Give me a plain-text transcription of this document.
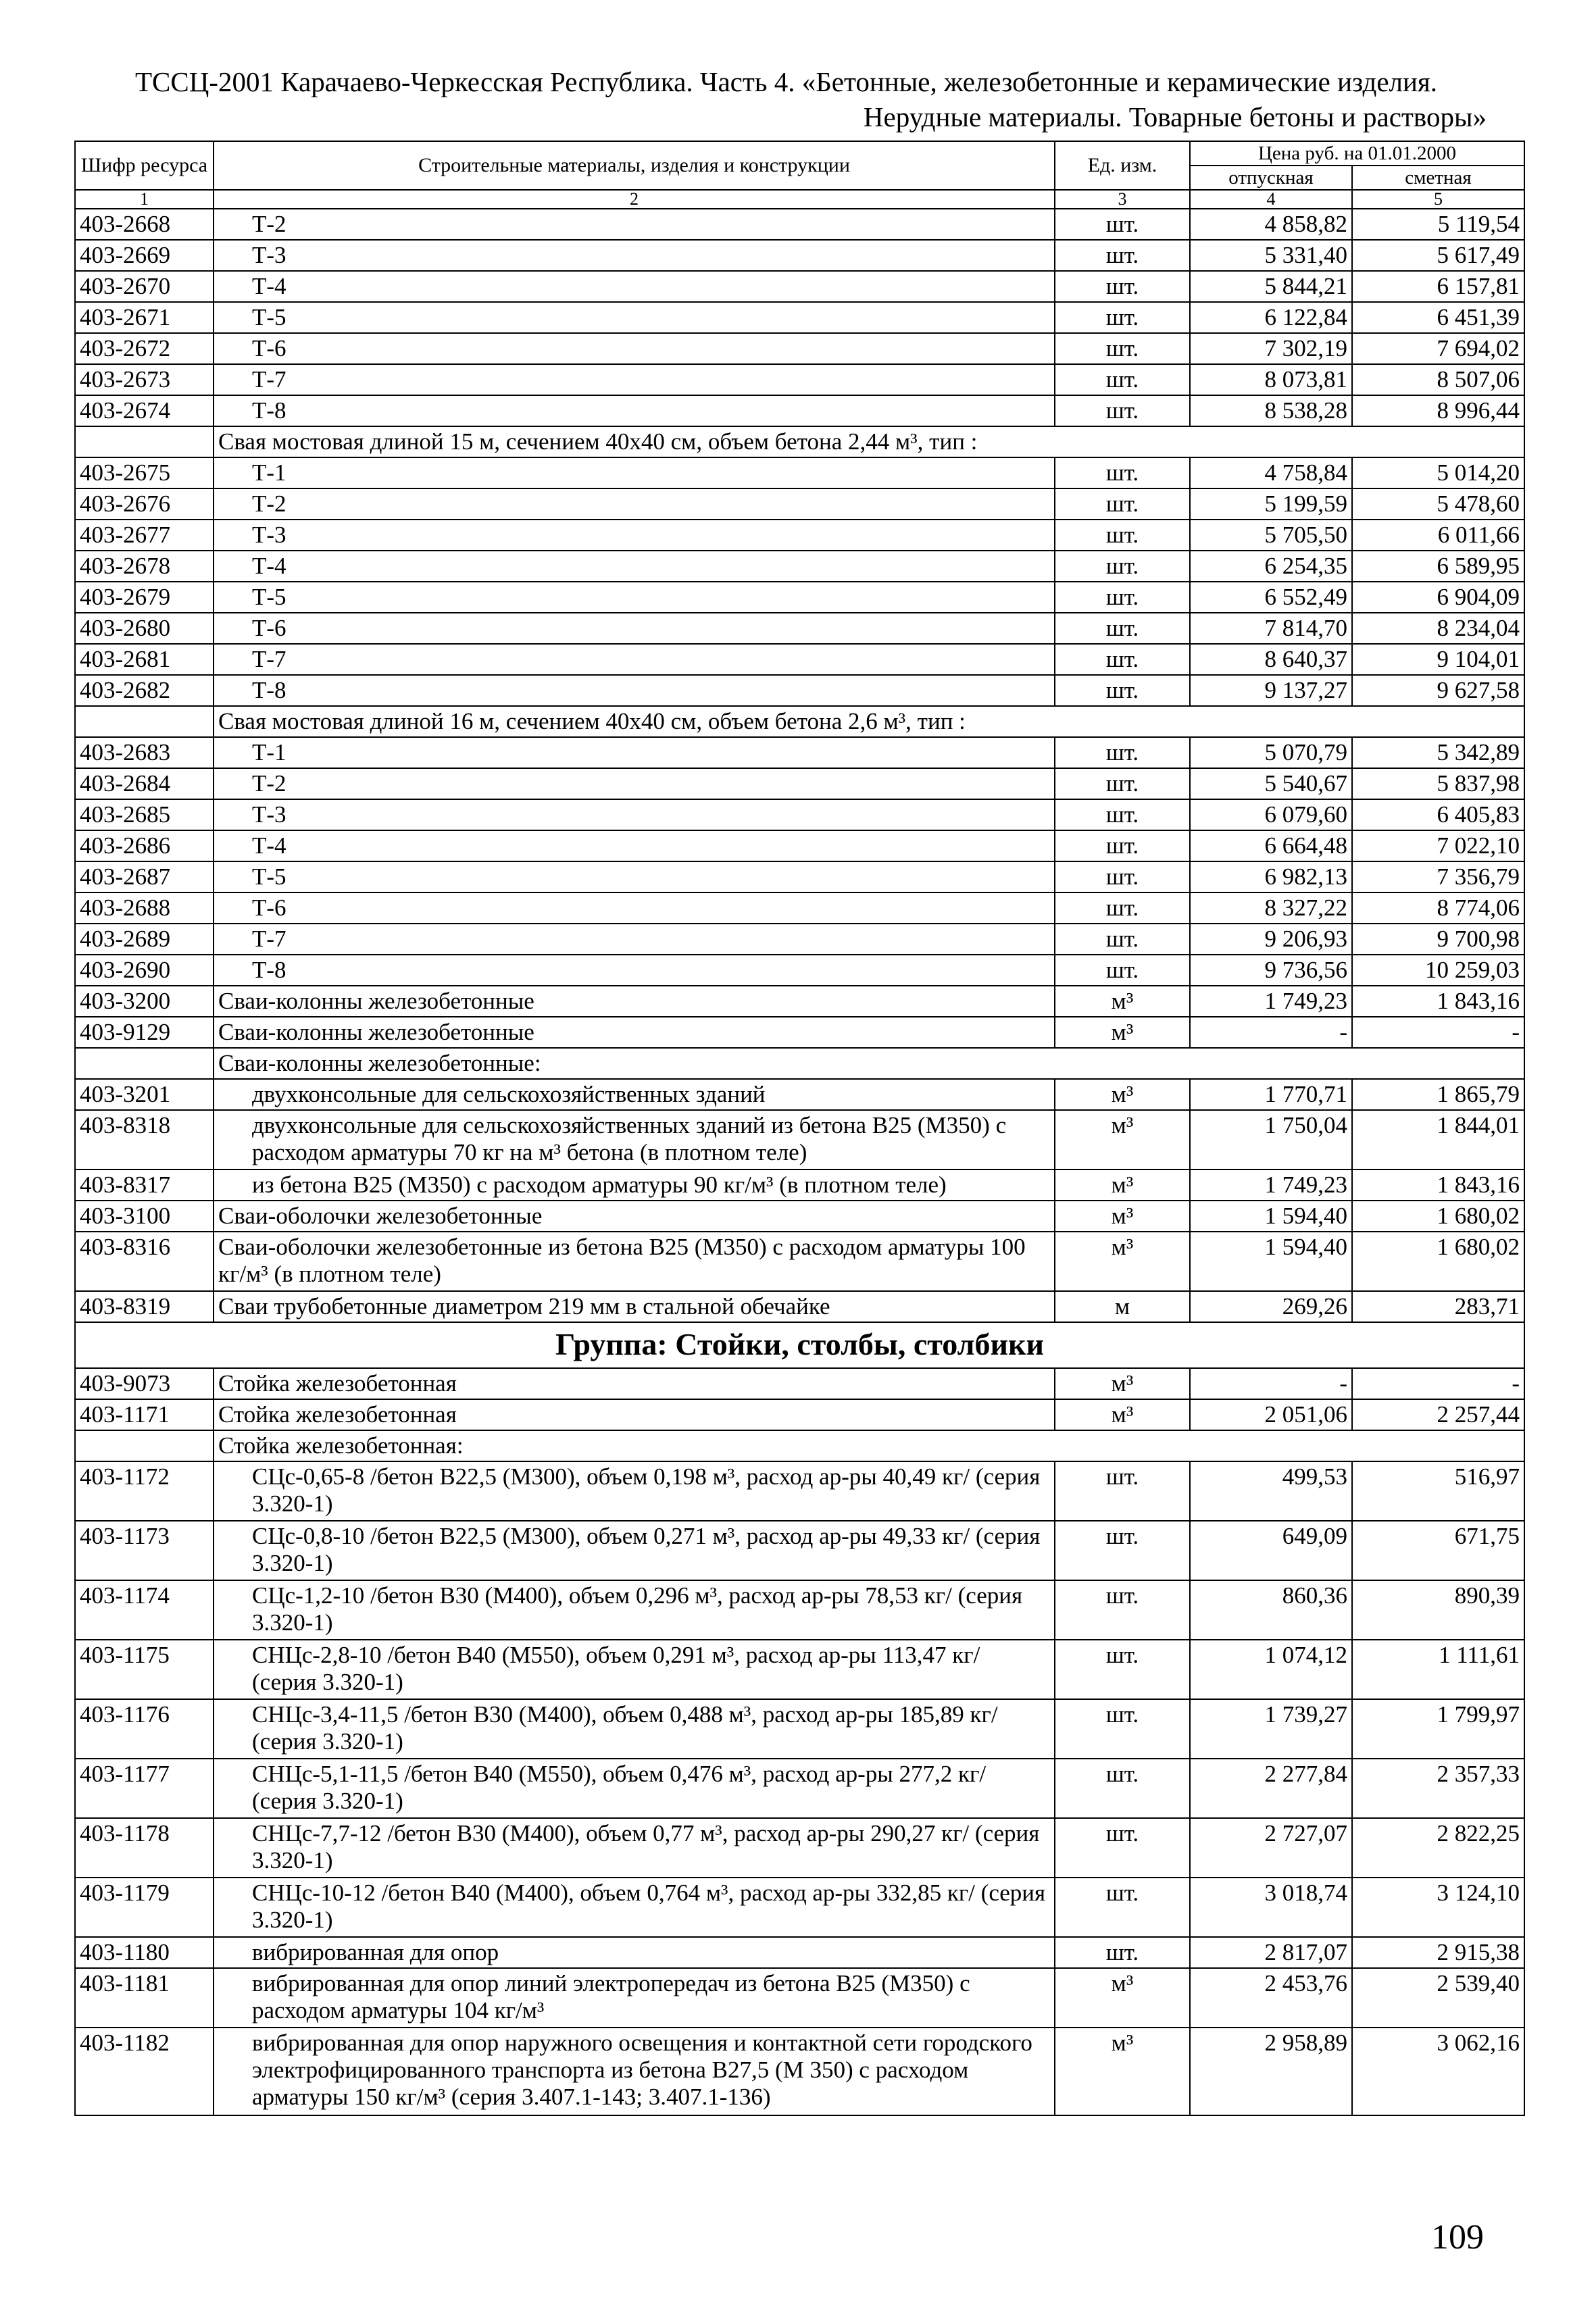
ТССЦ-2001 Карачаево-Черкесская Республика. Часть 4. «Бетонные, железобетонные и керамические изделия.
Нерудные материалы. Товарные бетоны и растворы»
Шифр ресурса	Строительные материалы, изделия и конструкции	Ед. изм.	Цена руб. на 01.01.2000	
			отпускная	сметная
1	2	3	4	5
403-2668	Т-2	шт.	4 858,82	5 119,54
403-2669	Т-3	шт.	5 331,40	5 617,49
403-2670	Т-4	шт.	5 844,21	6 157,81
403-2671	Т-5	шт.	6 122,84	6 451,39
403-2672	Т-6	шт.	7 302,19	7 694,02
403-2673	Т-7	шт.	8 073,81	8 507,06
403-2674	Т-8	шт.	8 538,28	8 996,44
	Свая мостовая длиной 15 м, сечением 40х40 см, объем бетона 2,44 м³, тип :			
403-2675	Т-1	шт.	4 758,84	5 014,20
403-2676	Т-2	шт.	5 199,59	5 478,60
403-2677	Т-3	шт.	5 705,50	6 011,66
403-2678	Т-4	шт.	6 254,35	6 589,95
403-2679	Т-5	шт.	6 552,49	6 904,09
403-2680	Т-6	шт.	7 814,70	8 234,04
403-2681	Т-7	шт.	8 640,37	9 104,01
403-2682	Т-8	шт.	9 137,27	9 627,58
	Свая мостовая длиной 16 м, сечением 40х40 см, объем бетона 2,6 м³, тип :			
403-2683	Т-1	шт.	5 070,79	5 342,89
403-2684	Т-2	шт.	5 540,67	5 837,98
403-2685	Т-3	шт.	6 079,60	6 405,83
403-2686	Т-4	шт.	6 664,48	7 022,10
403-2687	Т-5	шт.	6 982,13	7 356,79
403-2688	Т-6	шт.	8 327,22	8 774,06
403-2689	Т-7	шт.	9 206,93	9 700,98
403-2690	Т-8	шт.	9 736,56	10 259,03
403-3200	Сваи-колонны железобетонные	м³	1 749,23	1 843,16
403-9129	Сваи-колонны железобетонные	м³	-	-
	Сваи-колонны железобетонные:			
403-3201	двухконсольные для сельскохозяйственных зданий	м³	1 770,71	1 865,79
403-8318	двухконсольные для сельскохозяйственных зданий из бетона В25 (М350) с расходом арматуры 70 кг на м³ бетона (в плотном теле)	м³	1 750,04	1 844,01
403-8317	из бетона В25 (М350) с расходом арматуры 90 кг/м³ (в плотном теле)	м³	1 749,23	1 843,16
403-3100	Сваи-оболочки железобетонные	м³	1 594,40	1 680,02
403-8316	Сваи-оболочки железобетонные из бетона В25 (М350) с расходом арматуры 100 кг/м³ (в плотном теле)	м³	1 594,40	1 680,02
403-8319	Сваи трубобетонные диаметром 219 мм в стальной обечайке	м	269,26	283,71
Группа: Стойки, столбы, столбики				
403-9073	Стойка железобетонная	м³	-	-
403-1171	Стойка железобетонная	м³	2 051,06	2 257,44
	Стойка железобетонная:			
403-1172	СЦс-0,65-8 /бетон В22,5 (М300), объем 0,198 м³, расход ар-ры 40,49 кг/ (серия 3.320-1)	шт.	499,53	516,97
403-1173	СЦс-0,8-10 /бетон В22,5 (М300), объем 0,271 м³, расход ар-ры 49,33 кг/ (серия 3.320-1)	шт.	649,09	671,75
403-1174	СЦс-1,2-10 /бетон В30 (М400), объем 0,296 м³, расход ар-ры 78,53 кг/ (серия 3.320-1)	шт.	860,36	890,39
403-1175	СНЦс-2,8-10 /бетон В40 (М550), объем 0,291 м³, расход ар-ры 113,47 кг/ (серия 3.320-1)	шт.	1 074,12	1 111,61
403-1176	СНЦс-3,4-11,5 /бетон В30 (М400), объем 0,488 м³, расход ар-ры 185,89 кг/ (серия 3.320-1)	шт.	1 739,27	1 799,97
403-1177	СНЦс-5,1-11,5 /бетон В40 (М550), объем 0,476 м³, расход ар-ры 277,2 кг/ (серия 3.320-1)	шт.	2 277,84	2 357,33
403-1178	СНЦс-7,7-12 /бетон В30 (М400), объем 0,77 м³, расход ар-ры 290,27 кг/ (серия 3.320-1)	шт.	2 727,07	2 822,25
403-1179	СНЦс-10-12 /бетон В40 (М400), объем 0,764 м³, расход ар-ры 332,85 кг/ (серия 3.320-1)	шт.	3 018,74	3 124,10
403-1180	вибрированная для опор	шт.	2 817,07	2 915,38
403-1181	вибрированная для опор линий электропередач из бетона В25 (М350) с расходом арматуры 104 кг/м³	м³	2 453,76	2 539,40
403-1182	вибрированная для опор наружного освещения и контактной сети городского электрофицированного транспорта из бетона В27,5 (М 350) с расходом арматуры 150 кг/м³ (серия 3.407.1-143; 3.407.1-136)	м³	2 958,89	3 062,16
109
